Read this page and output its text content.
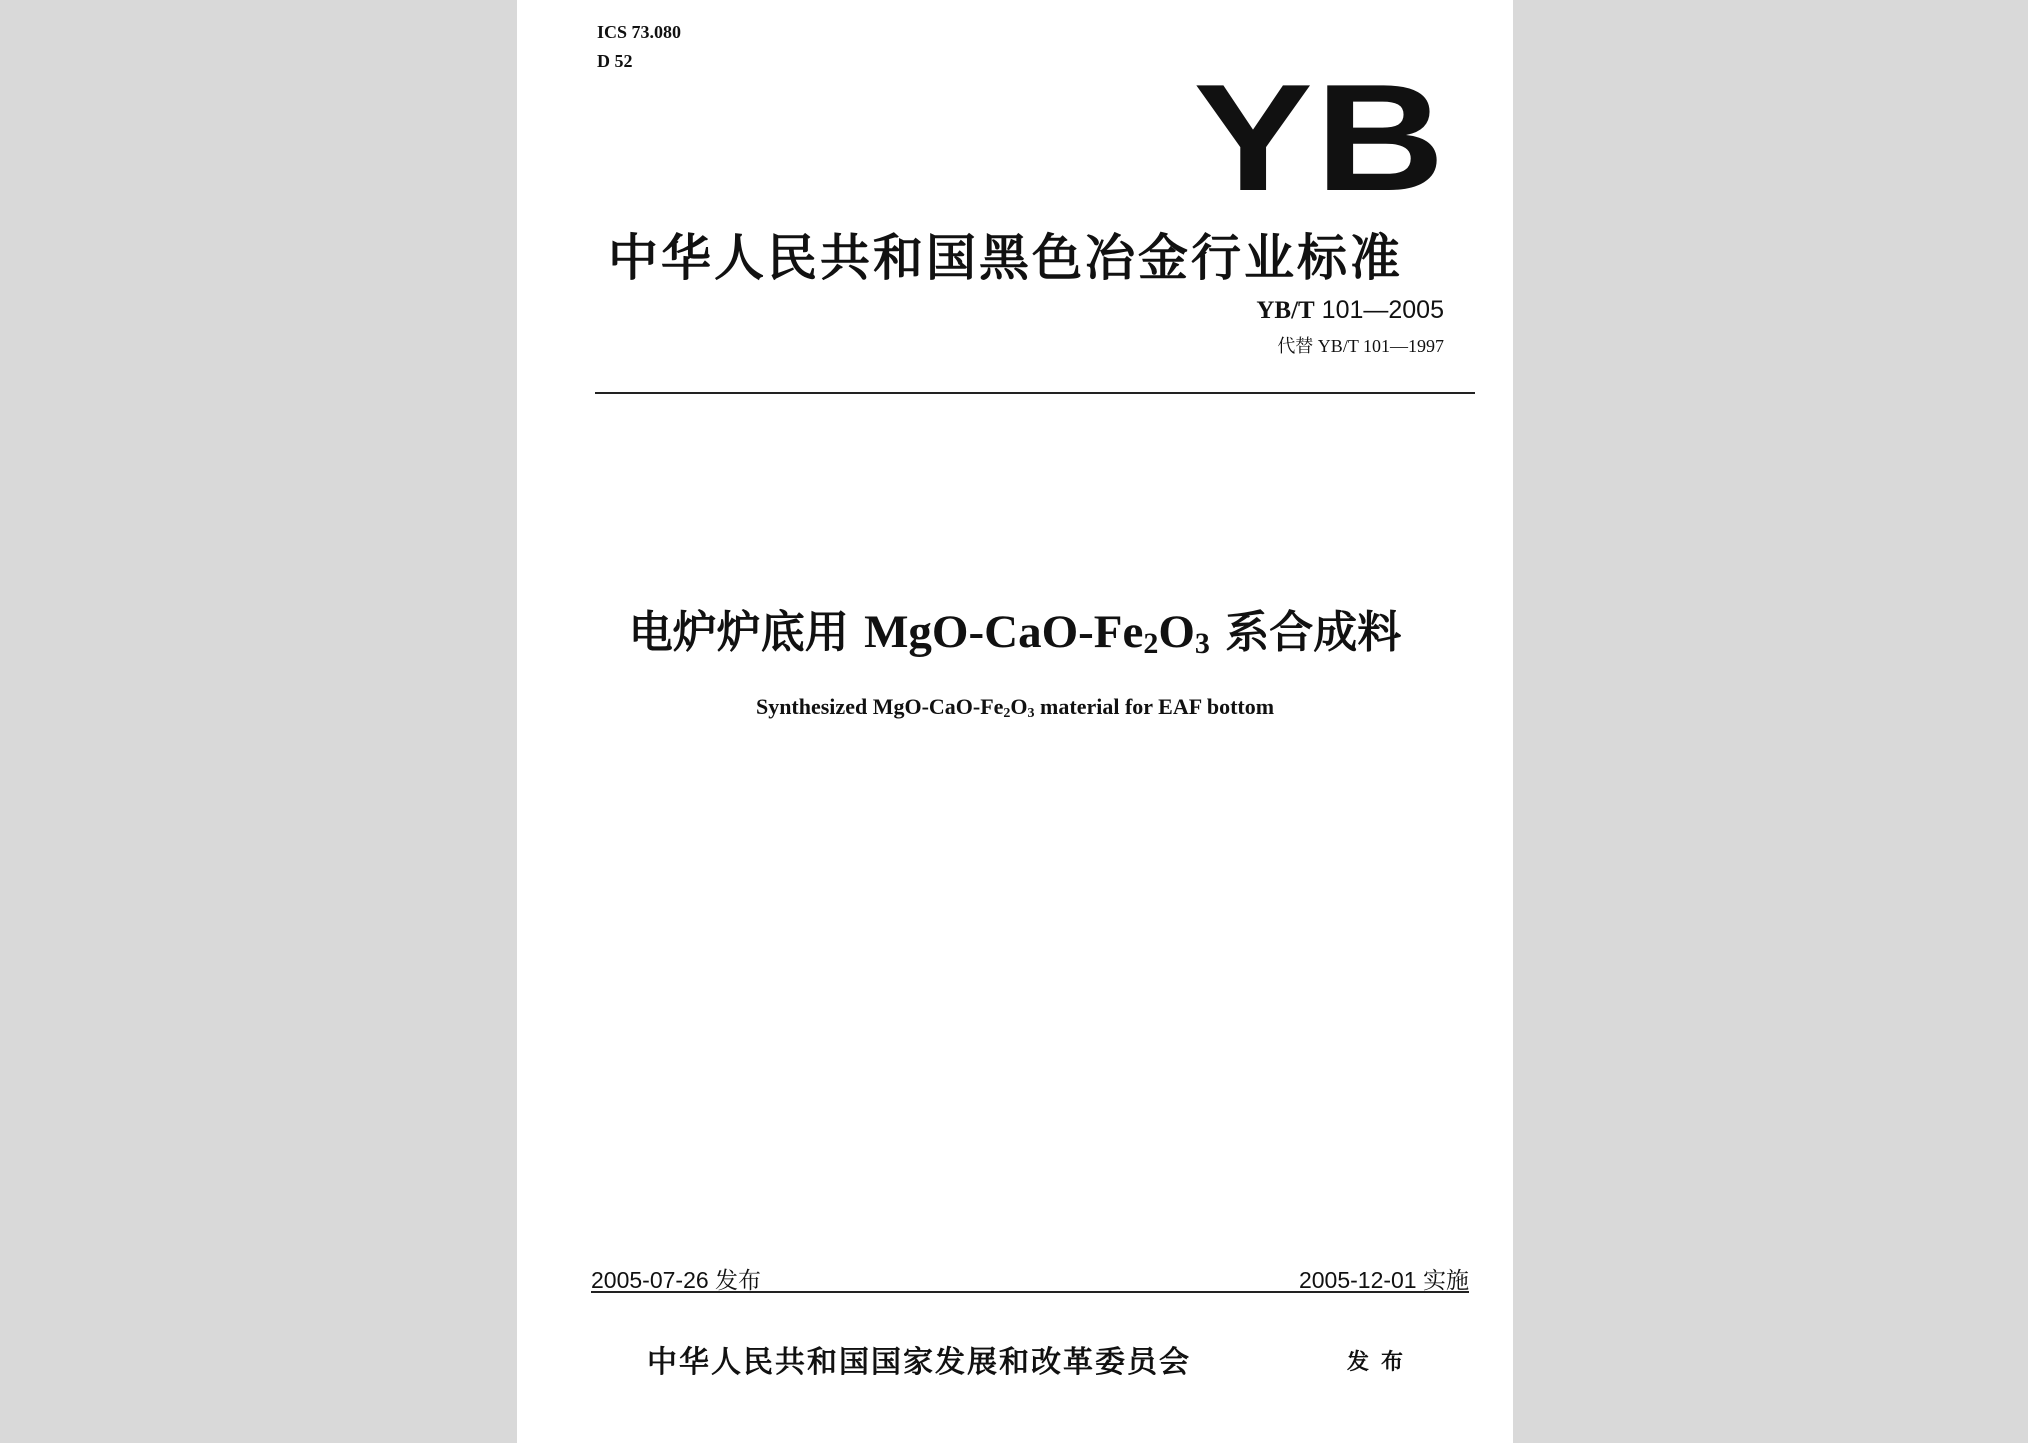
ICS 73.080
D 52	YB
中华人民共和国黑色冶金行业标准
YB/T 101—2005
代替 YB/T 101—1997
电炉炉底用 MgO-$CaO-Fe_2O_3$ 系合成料
Synthesized MgO-$CaO-Fe_2O_3$ material for EAF bottom
2005-07-26 发布	2005-12-01 实施
中华人民共和国国家发展和改革委员会	发布
